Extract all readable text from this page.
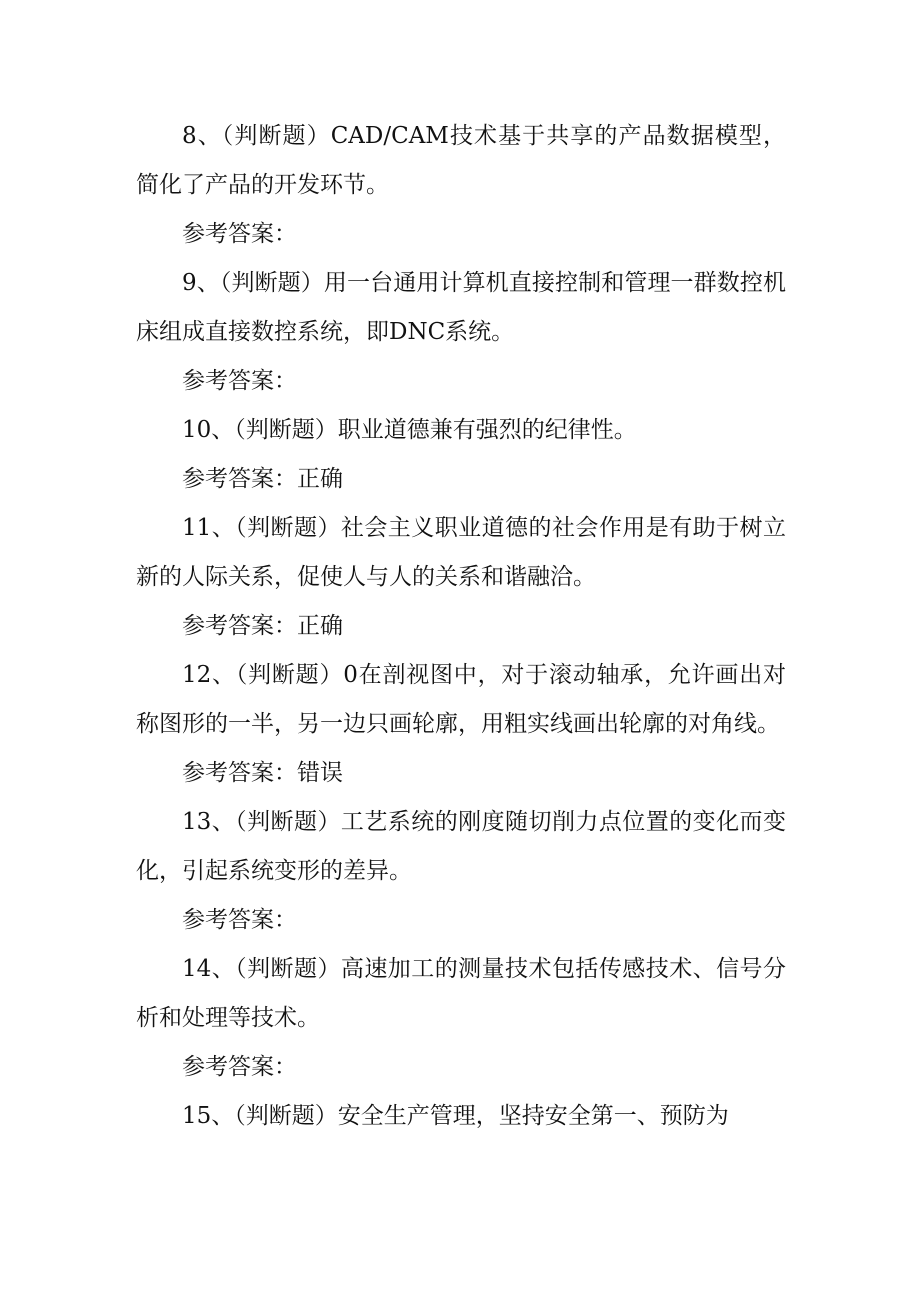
8、（判断题）CAD/CAM技术基于共享的产品数据模型，简化了产品的开发环节。

参考答案：

9、（判断题）用一台通用计算机直接控制和管理一群数控机床组成直接数控系统，即DNC系统。

参考答案：

10、（判断题）职业道德兼有强烈的纪律性。

参考答案：正确

11、（判断题）社会主义职业道德的社会作用是有助于树立新的人际关系，促使人与人的关系和谐融洽。

参考答案：正确

12、（判断题）0在剖视图中，对于滚动轴承，允许画出对称图形的一半，另一边只画轮廓，用粗实线画出轮廓的对角线。

参考答案：错误

13、（判断题）工艺系统的刚度随切削力点位置的变化而变化，引起系统变形的差异。

参考答案：

14、（判断题）高速加工的测量技术包括传感技术、信号分析和处理等技术。

参考答案：

15、（判断题）安全生产管理，坚持安全第一、预防为
